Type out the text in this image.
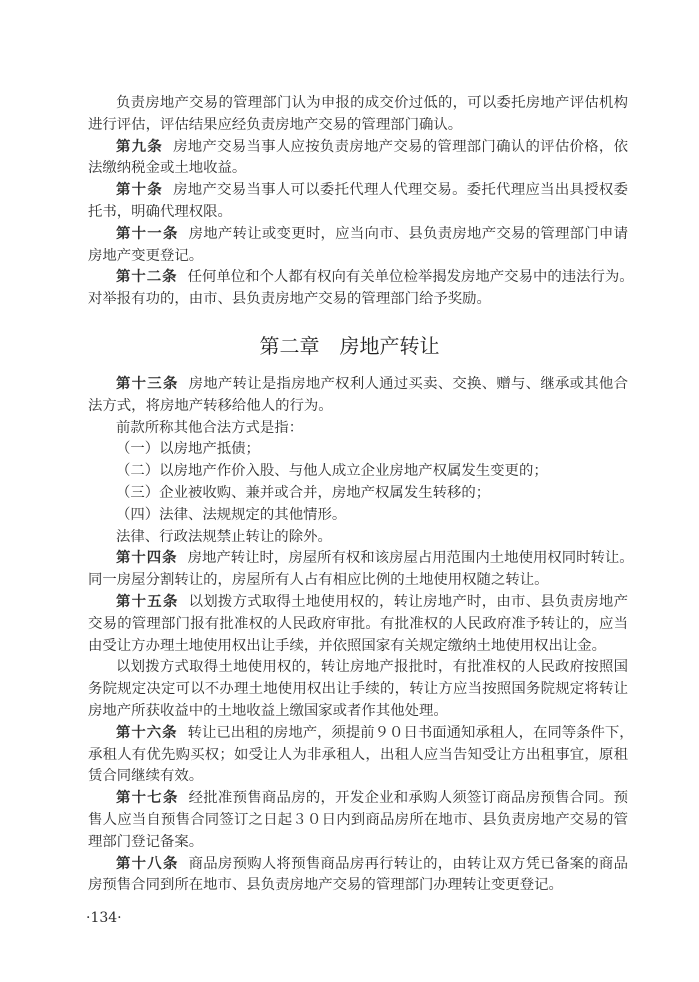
负责房地产交易的管理部门认为申报的成交价过低的，可以委托房地产评估机构
进行评估，评估结果应经负责房地产交易的管理部门确认。
第九条 房地产交易当事人应按负责房地产交易的管理部门确认的评估价格，依
法缴纳税金或土地收益。
第十条 房地产交易当事人可以委托代理人代理交易。委托代理应当出具授权委
托书，明确代理权限。
第十一条 房地产转让或变更时，应当向市、县负责房地产交易的管理部门申请
房地产变更登记。
第十二条 任何单位和个人都有权向有关单位检举揭发房地产交易中的违法行为。
对举报有功的，由市、县负责房地产交易的管理部门给予奖励。
第二章　房地产转让
第十三条 房地产转让是指房地产权利人通过买卖、交换、赠与、继承或其他合
法方式，将房地产转移给他人的行为。
前款所称其他合法方式是指：
（一）以房地产抵债；
（二）以房地产作价入股、与他人成立企业房地产权属发生变更的；
（三）企业被收购、兼并或合并，房地产权属发生转移的；
（四）法律、法规规定的其他情形。
法律、行政法规禁止转让的除外。
第十四条 房地产转让时，房屋所有权和该房屋占用范围内土地使用权同时转让。
同一房屋分割转让的，房屋所有人占有相应比例的土地使用权随之转让。
第十五条 以划拨方式取得土地使用权的，转让房地产时，由市、县负责房地产
交易的管理部门报有批准权的人民政府审批。有批准权的人民政府准予转让的，应当
由受让方办理土地使用权出让手续，并依照国家有关规定缴纳土地使用权出让金。
以划拨方式取得土地使用权的，转让房地产报批时，有批准权的人民政府按照国
务院规定决定可以不办理土地使用权出让手续的，转让方应当按照国务院规定将转让
房地产所获收益中的土地收益上缴国家或者作其他处理。
第十六条 转让已出租的房地产，须提前９０日书面通知承租人，在同等条件下，
承租人有优先购买权；如受让人为非承租人，出租人应当告知受让方出租事宜，原租
赁合同继续有效。
第十七条 经批准预售商品房的，开发企业和承购人须签订商品房预售合同。预
售人应当自预售合同签订之日起３０日内到商品房所在地市、县负责房地产交易的管
理部门登记备案。
第十八条 商品房预购人将预售商品房再行转让的，由转让双方凭已备案的商品
房预售合同到所在地市、县负责房地产交易的管理部门办理转让变更登记。
·134·
